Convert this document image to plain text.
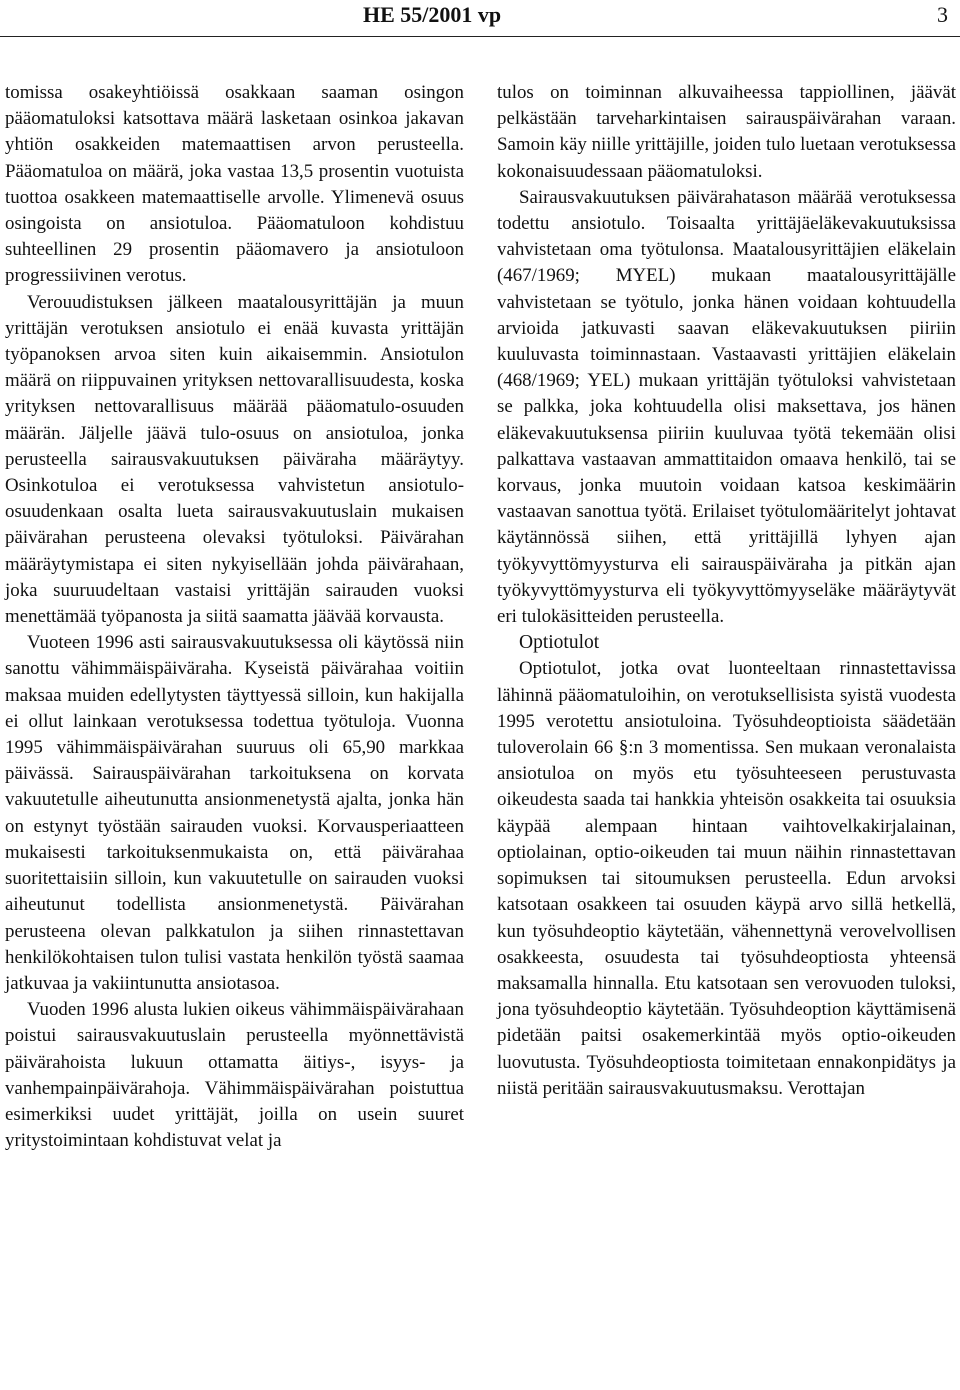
HE 55/2001 vp	3

tomissa osakeyhtiöissä osakkaan saaman osingon pääomatuloksi katsottava määrä lasketaan osinkoa jakavan yhtiön osakkeiden matemaattisen arvon perusteella. Pääomatuloa on määrä, joka vastaa 13,5 prosentin vuotuista tuottoa osakkeen matemaattiselle arvolle. Ylimenevä osuus osingoista on ansiotuloa. Pääomatuloon kohdistuu suhteellinen 29 prosentin pääomavero ja ansiotuloon progressiivinen verotus.

Verouudistuksen jälkeen maatalousyrittäjän ja muun yrittäjän verotuksen ansiotulo ei enää kuvasta yrittäjän työpanoksen arvoa siten kuin aikaisemmin. Ansiotulon määrä on riippuvainen yrityksen nettovarallisuudesta, koska yrityksen nettovarallisuus määrää pääomatulo-osuuden määrän. Jäljelle jäävä tulo-osuus on ansiotuloa, jonka perusteella sairausvakuutuksen päiväraha määräytyy. Osinkotuloa ei verotuksessa vahvistetun ansiotulo-osuudenkaan osalta lueta sairausvakuutuslain mukaisen päivärahan perusteena olevaksi työtuloksi. Päivärahan määräytymistapa ei siten nykyisellään johda päivärahaan, joka suuruudeltaan vastaisi yrittäjän sairauden vuoksi menettämää työpanosta ja siitä saamatta jäävää korvausta.

Vuoteen 1996 asti sairausvakuutuksessa oli käytössä niin sanottu vähimmäispäiväraha. Kyseistä päivärahaa voitiin maksaa muiden edellytysten täyttyessä silloin, kun hakijalla ei ollut lainkaan verotuksessa todettua työtuloja. Vuonna 1995 vähimmäispäivärahan suuruus oli 65,90 markkaa päivässä. Sairauspäivärahan tarkoituksena on korvata vakuutetulle aiheutunutta ansionmenetystä ajalta, jonka hän on estynyt työstään sairauden vuoksi. Korvausperiaatteen mukaisesti tarkoituksenmukaista on, että päivärahaa suoritettaisiin silloin, kun vakuutetulle on sairauden vuoksi aiheutunut todellista ansionmenetystä. Päivärahan perusteena olevan palkkatulon ja siihen rinnastettavan henkilökohtaisen tulon tulisi vastata henkilön työstä saamaa jatkuvaa ja vakiintunutta ansiotasoa.

Vuoden 1996 alusta lukien oikeus vähimmäispäivärahaan poistui sairausvakuutuslain perusteella myönnettävistä päivärahoista lukuun ottamatta äitiys-, isyys- ja vanhempainpäivärahoja. Vähimmäispäivärahan poistuttua esimerkiksi uudet yrittäjät, joilla on usein suuret yritystoimintaan kohdistuvat velat ja

tulos on toiminnan alkuvaiheessa tappiollinen, jäävät pelkästään tarveharkintaisen sairauspäivärahan varaan. Samoin käy niille yrittäjille, joiden tulo luetaan verotuksessa kokonaisuudessaan pääomatuloksi.

Sairausvakuutuksen päivärahatason määrää verotuksessa todettu ansiotulo. Toisaalta yrittäjäeläkevakuutuksissa vahvistetaan oma työtulonsa. Maatalousyrittäjien eläkelain (467/1969; MYEL) mukaan maatalousyrittäjälle vahvistetaan se työtulo, jonka hänen voidaan kohtuudella arvioida jatkuvasti saavan eläkevakuutuksen piiriin kuuluvasta toiminnastaan. Vastaavasti yrittäjien eläkelain (468/1969; YEL) mukaan yrittäjän työtuloksi vahvistetaan se palkka, joka kohtuudella olisi maksettava, jos hänen eläkevakuutuksensa piiriin kuuluvaa työtä tekemään olisi palkattava vastaavan ammattitaidon omaava henkilö, tai se korvaus, jonka muutoin voidaan katsoa keskimäärin vastaavan sanottua työtä. Erilaiset työtulomääritelyt johtavat käytännössä siihen, että yrittäjillä lyhyen ajan työkyvyttömyysturva eli sairauspäiväraha ja pitkän ajan työkyvyttömyysturva eli työkyvyttömyyseläke määräytyvät eri tulokäsitteiden perusteella.

Optiotulot

Optiotulot, jotka ovat luonteeltaan rinnastettavissa lähinnä pääomatuloihin, on verotuksellisista syistä vuodesta 1995 verotettu ansiotuloina. Työsuhdeoptioista säädetään tuloverolain 66 §:n 3 momentissa. Sen mukaan veronalaista ansiotuloa on myös etu työsuhteeseen perustuvasta oikeudesta saada tai hankkia yhteisön osakkeita tai osuuksia käypää alempaan hintaan vaihtovelkakirjalainan, optiolainan, optio-oikeuden tai muun näihin rinnastettavan sopimuksen tai sitoumuksen perusteella. Edun arvoksi katsotaan osakkeen tai osuuden käypä arvo sillä hetkellä, kun työsuhdeoptio käytetään, vähennettynä verovelvollisen osakkeesta, osuudesta tai työsuhdeoptiosta yhteensä maksamalla hinnalla. Etu katsotaan sen verovuoden tuloksi, jona työsuhdeoptio käytetään. Työsuhdeoption käyttämisenä pidetään paitsi osakemerkintää myös optio-oikeuden luovutusta. Työsuhdeoptiosta toimitetaan ennakonpidätys ja niistä peritään sairausvakuutusmaksu. Verottajan
